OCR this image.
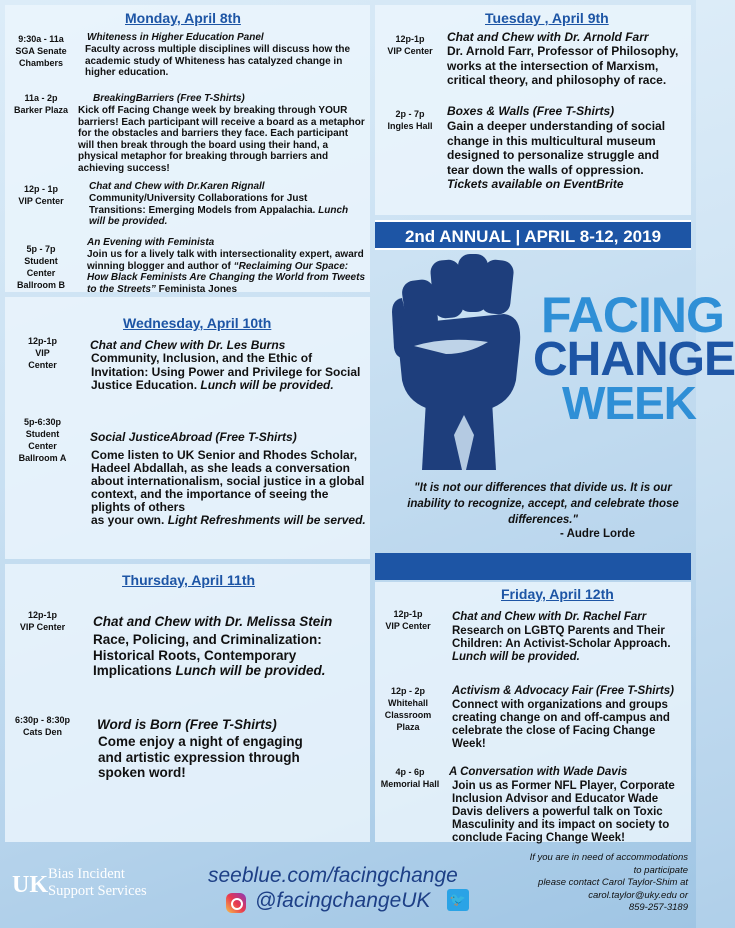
Monday, April 8th
9:30a - 11a
SGA Senate
Chambers
Whiteness in Higher Education Panel
Faculty across multiple disciplines will discuss how the academic study of Whiteness has catalyzed change in higher education.
11a - 2p
Barker Plaza
BreakingBarriers (Free T-Shirts)
Kick off Facing Change week by breaking through YOUR barriers! Each participant will receive a board as a metaphor for the obstacles and barriers they face. Each participant will then break through the board using their hand, a physical metaphor for breaking through barriers and achieving success!
12p - 1p
VIP Center
Chat and Chew with Dr.Karen Rignall
Community/University Collaborations for Just Transitions: Emerging Models from Appalachia. Lunch will be provided.
5p - 7p
Student
Center
Ballroom B
An Evening with Feminista
Join us for a lively talk with intersectionality expert, award winning blogger and author of “Reclaiming Our Space: How Black Feminists Are Changing the World from Tweets to the Streets” Feminista Jones
Tuesday , April 9th
12p-1p
VIP Center
Chat and Chew with Dr. Arnold Farr
Dr. Arnold Farr, Professor of Philosophy, works at the intersection of Marxism, critical theory, and philosophy of race.
2p - 7p
Ingles Hall
Boxes & Walls (Free T-Shirts)
Gain a deeper understanding of social change in this multicultural museum designed to personalize struggle and tear down the walls of oppression.
Tickets available on EventBrite
2nd ANNUAL | APRIL 8-12, 2019
FACING
CHANGE
WEEK
"It is not our differences that divide us. It is our inability to recognize, accept, and celebrate those differences."
- Audre Lorde
Wednesday, April 10th
12p-1p
VIP
Center
Chat and Chew with Dr. Les Burns
Community, Inclusion, and the Ethic of Invitation: Using Power and Privilege for Social Justice Education. Lunch will be provided.
5p-6:30p
Student
Center
Ballroom A
Social JusticeAbroad (Free T-Shirts)
Come listen to UK Senior and Rhodes Scholar, Hadeel Abdallah, as she leads a conversation about internationalism, social justice in a global context, and the importance of seeing the plights of others
as your own. Light Refreshments will be served.
Thursday, April 11th
12p-1p
VIP Center	Chat and Chew with Dr. Melissa Stein
Race, Policing, and Criminalization: Historical Roots, Contemporary Implications Lunch will be provided.
6:30p - 8:30p
Cats Den	Word is Born (Free T-Shirts)
Come enjoy a night of engaging and artistic expression through spoken word!
Friday, April 12th
12p-1p
VIP Center
Chat and Chew with Dr. Rachel Farr
Research on LGBTQ Parents and Their Children: An Activist-Scholar Approach. Lunch will be provided.
12p - 2p
Whitehall
Classroom
Plaza
Activism & Advocacy Fair (Free T-Shirts)
Connect with organizations and groups creating change on and off-campus and celebrate the close of Facing Change Week!
4p - 6p
Memorial Hall
A Conversation with Wade Davis
Join us as Former NFL Player, Corporate Inclusion Advisor and Educator Wade Davis delivers a powerful talk on Toxic Masculinity and its impact on society to conclude Facing Change Week!
UK Bias Incident
Support Services
seeblue.com/facingchange
@facingchangeUK 🐦
If you are in need of accommodations
to participate
please contact Carol Taylor-Shim at
carol.taylor@uky.edu or
859-257-3189
